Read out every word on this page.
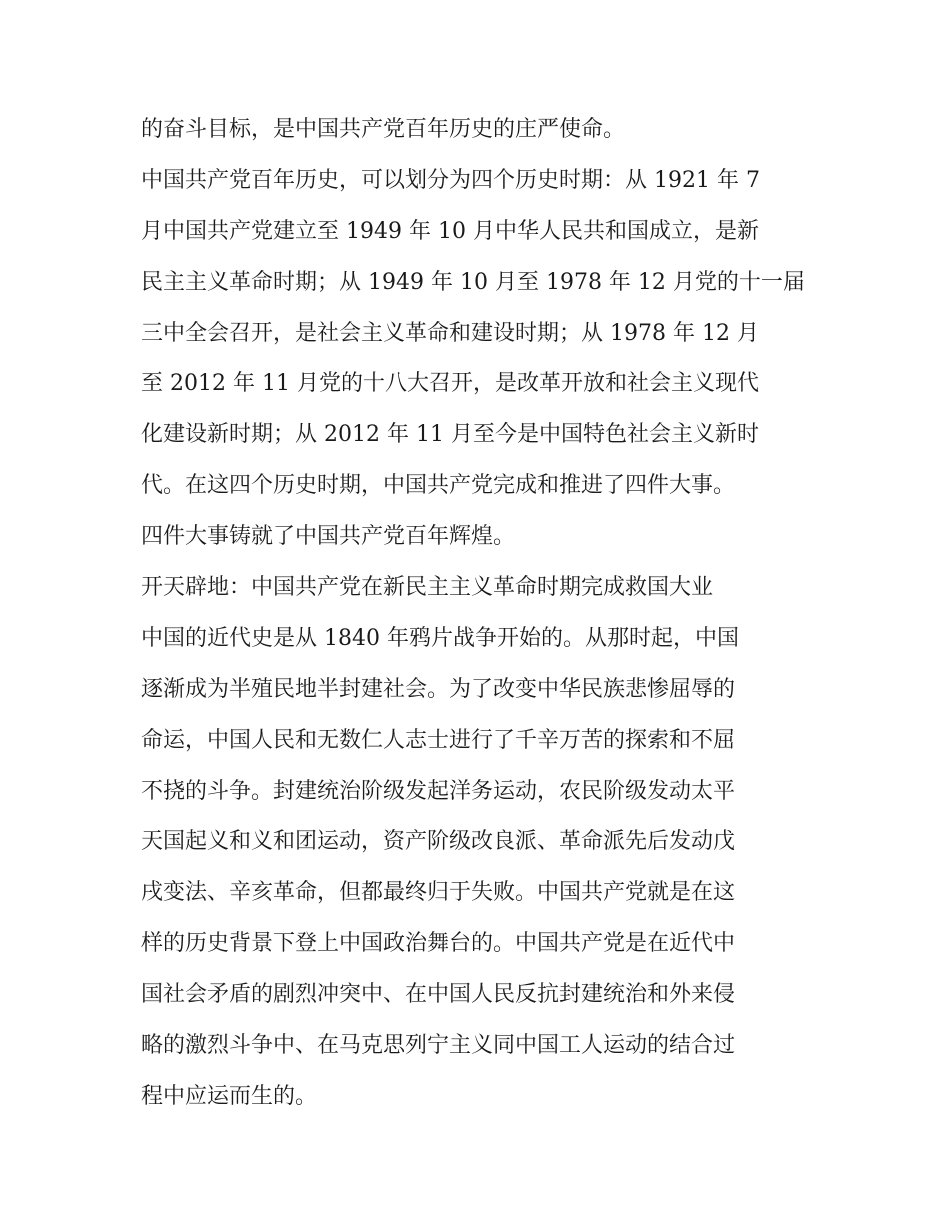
的奋斗目标，是中国共产党百年历史的庄严使命。
中国共产党百年历史，可以划分为四个历史时期：从 1921 年 7
月中国共产党建立至 1949 年 10 月中华人民共和国成立，是新
民主主义革命时期；从 1949 年 10 月至 1978 年 12 月党的十一届
三中全会召开，是社会主义革命和建设时期；从 1978 年 12 月
至 2012 年 11 月党的十八大召开，是改革开放和社会主义现代
化建设新时期；从 2012 年 11 月至今是中国特色社会主义新时
代。在这四个历史时期，中国共产党完成和推进了四件大事。
四件大事铸就了中国共产党百年辉煌。
开天辟地：中国共产党在新民主主义革命时期完成救国大业
中国的近代史是从 1840 年鸦片战争开始的。从那时起，中国
逐渐成为半殖民地半封建社会。为了改变中华民族悲惨屈辱的
命运，中国人民和无数仁人志士进行了千辛万苦的探索和不屈
不挠的斗争。封建统治阶级发起洋务运动，农民阶级发动太平
天国起义和义和团运动，资产阶级改良派、革命派先后发动戊
戌变法、辛亥革命，但都最终归于失败。中国共产党就是在这
样的历史背景下登上中国政治舞台的。中国共产党是在近代中
国社会矛盾的剧烈冲突中、在中国人民反抗封建统治和外来侵
略的激烈斗争中、在马克思列宁主义同中国工人运动的结合过
程中应运而生的。
